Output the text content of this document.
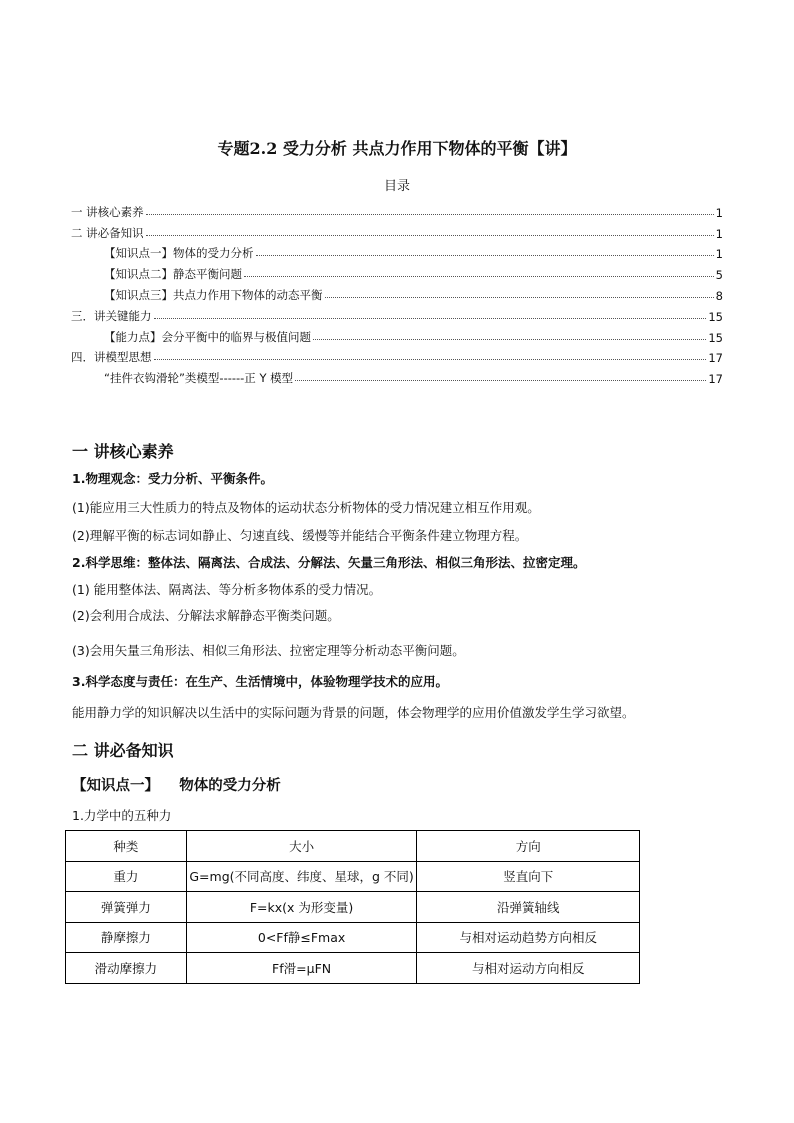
专题2.2 受力分析 共点力作用下物体的平衡【讲】
目录
一 讲核心素养	1
二 讲必备知识	1
【知识点一】物体的受力分析	1
【知识点二】静态平衡问题	5
【知识点三】共点力作用下物体的动态平衡	8
三．讲关键能力	15
【能力点】会分平衡中的临界与极值问题	15
四．讲模型思想	17
“挂件衣钩滑轮”类模型------正 Y 模型	17
一 讲核心素养
1.物理观念：受力分析、平衡条件。
(1)能应用三大性质力的特点及物体的运动状态分析物体的受力情况建立相互作用观。
(2)理解平衡的标志词如静止、匀速直线、缓慢等并能结合平衡条件建立物理方程。
2.科学思维：整体法、隔离法、合成法、分解法、矢量三角形法、相似三角形法、拉密定理。
(1) 能用整体法、隔离法、等分析多物体系的受力情况。
(2)会利用合成法、分解法求解静态平衡类问题。
(3)会用矢量三角形法、相似三角形法、拉密定理等分析动态平衡问题。
3.科学态度与责任：在生产、生活情境中，体验物理学技术的应用。
能用静力学的知识解决以生活中的实际问题为背景的问题，体会物理学的应用价值激发学生学习欲望。
二 讲必备知识
【知识点一】    物体的受力分析
1.力学中的五种力
种类	大小	方向
重力	G=mg(不同高度、纬度、星球，g 不同)	竖直向下
弹簧弹力	F=kx(x 为形变量)	沿弹簧轴线
静摩擦力	0<Ff静≤Fmax	与相对运动趋势方向相反
滑动摩擦力	Ff滑=μFN	与相对运动方向相反
